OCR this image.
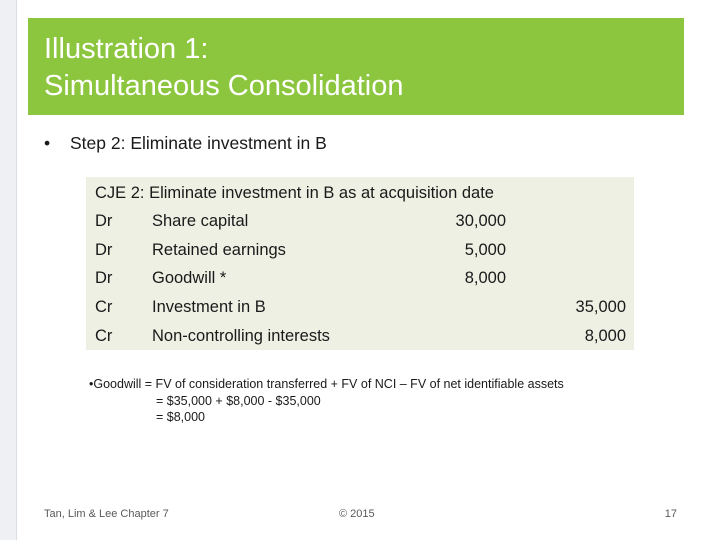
Illustration 1:
Simultaneous Consolidation
• Step 2: Eliminate investment in B
CJE 2: Eliminate investment in B as at acquisition date
Dr Share capital	30,000
Dr Retained earnings	5,000
Dr Goodwill *	8,000
Cr Investment in B	35,000
Cr Non-controlling interests	8,000
•Goodwill = FV of consideration transferred + FV of NCI – FV of net identifiable assets
= $35,000 + $8,000 - $35,000
= $8,000
Tan, Lim & Lee Chapter 7	© 2015	17
